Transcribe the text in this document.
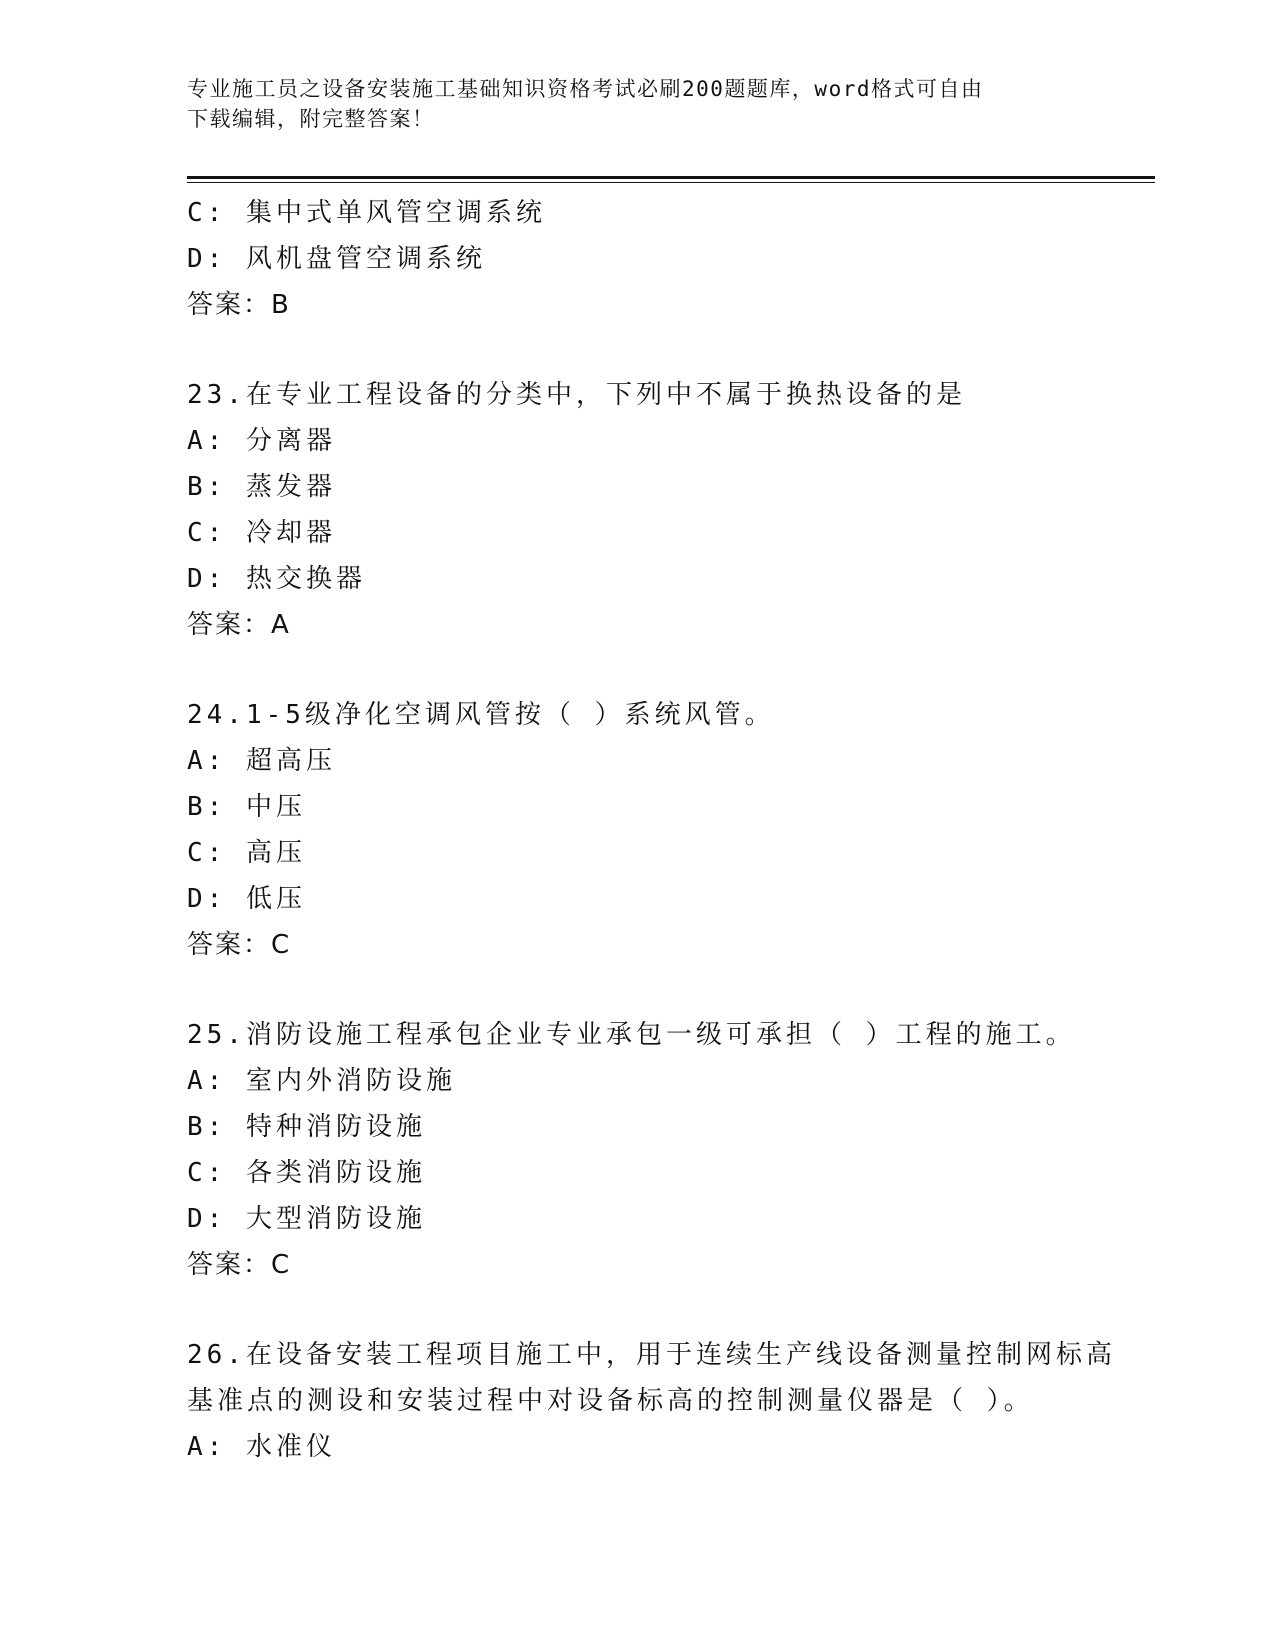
专业施工员之设备安装施工基础知识资格考试必刷200题题库，word格式可自由
下载编辑，附完整答案！
C: 集中式单风管空调系统
D: 风机盘管空调系统
答案：B
23.在专业工程设备的分类中，下列中不属于换热设备的是
A: 分离器
B: 蒸发器
C: 冷却器
D: 热交换器
答案：A
24.1-5级净化空调风管按（ ）系统风管。
A: 超高压
B: 中压
C: 高压
D: 低压
答案：C
25.消防设施工程承包企业专业承包一级可承担（ ）工程的施工。
A: 室内外消防设施
B: 特种消防设施
C: 各类消防设施
D: 大型消防设施
答案：C
26.在设备安装工程项目施工中，用于连续生产线设备测量控制网标高
基准点的测设和安装过程中对设备标高的控制测量仪器是（ ）。
A: 水准仪
